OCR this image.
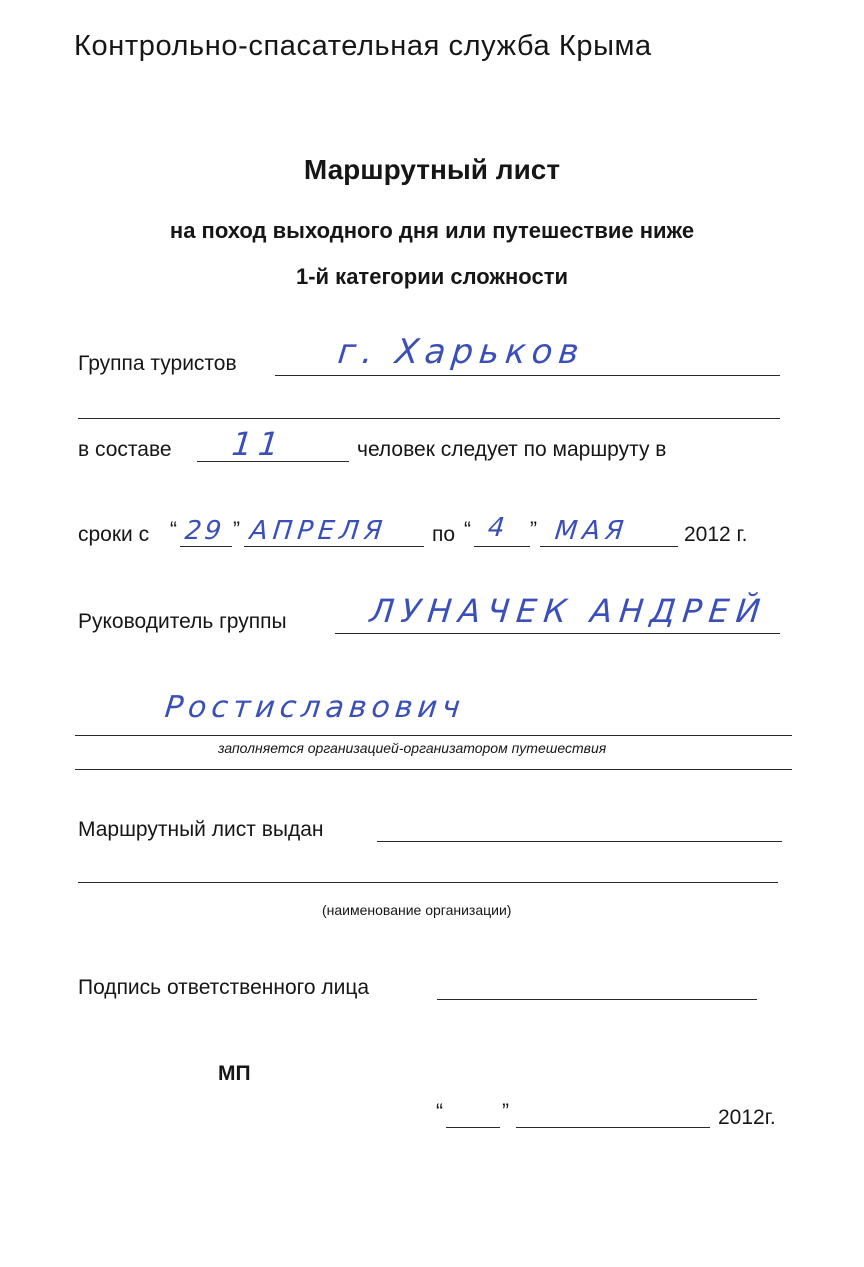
Контрольно-спасательная служба Крыма
Маршрутный лист
на поход выходного дня или путешествие ниже
1-й категории сложности
Группа туристов	г. Харьков
в составе 11	человек следует по маршруту в
сроки с “ 29 ” АПРЕЛЯ по “ 4 ” МАЯ	2012 г.
Руководитель группы	ЛУНАЧЕК АНДРЕЙ
Ростиславович
заполняется организацией-организатором путешествия
Маршрутный лист выдан
(наименование организации)
Подпись ответственного лица
МП
“	”	2012г.
